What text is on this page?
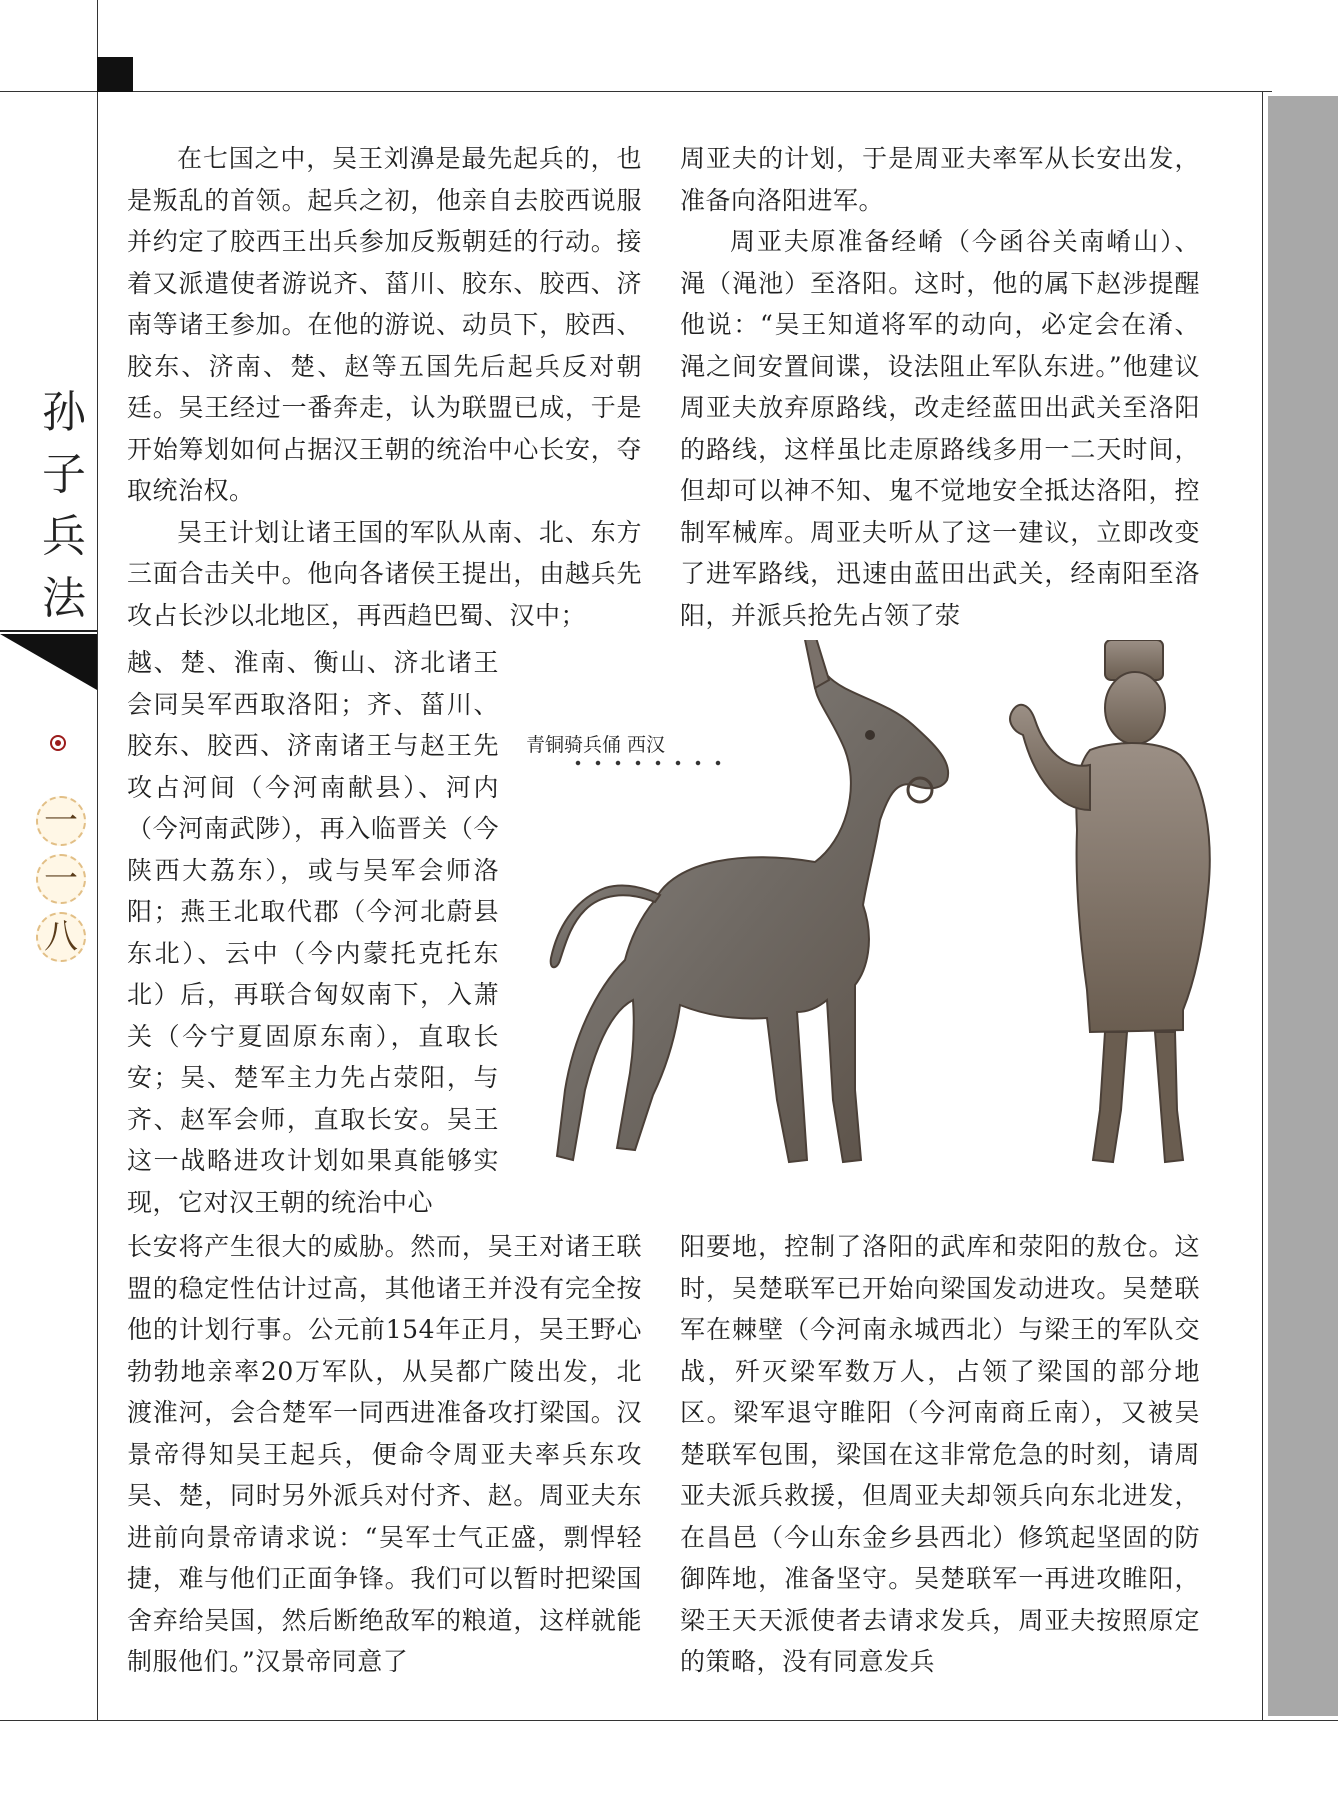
孙
子
兵
法
一
一
八

在七国之中，吴王刘濞是最先起兵的，也是叛乱的首领。起兵之初，他亲自去胶西说服并约定了胶西王出兵参加反叛朝廷的行动。接着又派遣使者游说齐、菑川、胶东、胶西、济南等诸王参加。在他的游说、动员下，胶西、胶东、济南、楚、赵等五国先后起兵反对朝廷。吴王经过一番奔走，认为联盟已成，于是开始筹划如何占据汉王朝的统治中心长安，夺取统治权。

吴王计划让诸王国的军队从南、北、东方三面合击关中。他向各诸侯王提出，由越兵先攻占长沙以北地区，再西趋巴蜀、汉中；

越、楚、淮南、衡山、济北诸王会同吴军西取洛阳；齐、菑川、胶东、胶西、济南诸王与赵王先攻占河间（今河南献县）、河内（今河南武陟），再入临晋关（今陕西大荔东），或与吴军会师洛阳；燕王北取代郡（今河北蔚县东北）、云中（今内蒙托克托东北）后，再联合匈奴南下，入萧关（今宁夏固原东南），直取长安；吴、楚军主力先占荥阳，与齐、赵军会师，直取长安。吴王这一战略进攻计划如果真能够实现，它对汉王朝的统治中心

长安将产生很大的威胁。然而，吴王对诸王联盟的稳定性估计过高，其他诸王并没有完全按他的计划行事。公元前154年正月，吴王野心勃勃地亲率20万军队，从吴都广陵出发，北渡淮河，会合楚军一同西进准备攻打梁国。汉景帝得知吴王起兵，便命令周亚夫率兵东攻吴、楚，同时另外派兵对付齐、赵。周亚夫东进前向景帝请求说：“吴军士气正盛，剽悍轻捷，难与他们正面争锋。我们可以暂时把梁国舍弃给吴国，然后断绝敌军的粮道，这样就能制服他们。”汉景帝同意了

周亚夫的计划，于是周亚夫率军从长安出发，准备向洛阳进军。

周亚夫原准备经崤（今函谷关南崤山）、渑（渑池）至洛阳。这时，他的属下赵涉提醒他说：“吴王知道将军的动向，必定会在淆、渑之间安置间谍，设法阻止军队东进。”他建议周亚夫放弃原路线，改走经蓝田出武关至洛阳的路线，这样虽比走原路线多用一二天时间，但却可以神不知、鬼不觉地安全抵达洛阳，控制军械库。周亚夫听从了这一建议，立即改变了进军路线，迅速由蓝田出武关，经南阳至洛阳，并派兵抢先占领了荥

阳要地，控制了洛阳的武库和荥阳的敖仓。这时，吴楚联军已开始向梁国发动进攻。吴楚联军在棘壁（今河南永城西北）与梁王的军队交战，歼灭梁军数万人，占领了梁国的部分地区。梁军退守睢阳（今河南商丘南），又被吴楚联军包围，梁国在这非常危急的时刻，请周亚夫派兵救援，但周亚夫却领兵向东北进发，在昌邑（今山东金乡县西北）修筑起坚固的防御阵地，准备坚守。吴楚联军一再进攻睢阳，梁王天天派使者去请求发兵，周亚夫按照原定的策略，没有同意发兵

青铜骑兵俑 西汉
